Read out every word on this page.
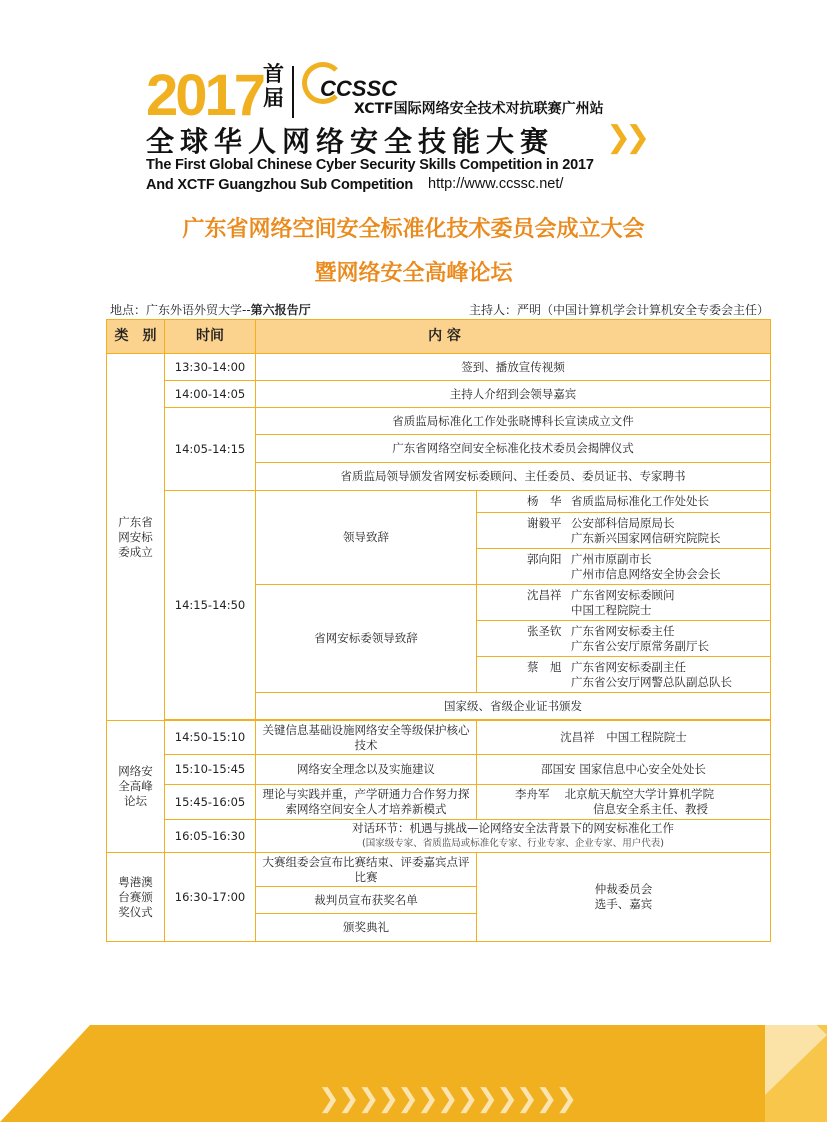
2017 首届 CCSSC
XCTF国际网络安全技术对抗联赛广州站
全球华人网络安全技能大赛 ❯❯
The First Global Chinese Cyber Security Skills Competition in 2017
And XCTF Guangzhou Sub Competition http://www.ccssc.net/
广东省网络空间安全标准化技术委员会成立大会
暨网络安全高峰论坛
地点：广东外语外贸大学--第六报告厅	主持人：严明（中国计算机学会计算机安全专委会主任）
类　别	时间	内 容	
广东省网安标委成立	13:30-14:00	签到、播放宣传视频	
	14:00-14:05	主持人介绍到会领导嘉宾	
	14:05-14:15	省质监局标准化工作处张晓博科长宣读成立文件	
		广东省网络空间安全标准化技术委员会揭牌仪式	
		省质监局领导颁发省网安标委顾问、主任委员、委员证书、专家聘书	
	14:15-14:50	领导致辞	杨　华 省质监局标准化工作处处长
			谢毅平 公安部科信局原局长
广东新兴国家网信研究院院长

			郭向阳 广州市原副市长
广州市信息网络安全协会会长

		省网安标委领导致辞	沈昌祥 广东省网安标委顾问
中国工程院院士

			张圣钦 广东省网安标委主任
广东省公安厅原常务副厅长

			蔡　旭 广东省网安标委副主任
广东省公安厅网警总队副总队长

		国家级、省级企业证书颁发	

网络安全高峰论坛	14:50-15:10	关键信息基础设施网络安全等级保护核心技术	沈昌祥　中国工程院院士
	15:10-15:45	网络安全理念以及实施建议	邵国安 国家信息中心安全处处长
	15:45-16:05	理论与实践并重，产学研通力合作努力探索网络空间安全人才培养新模式	李舟军　 北京航天航空大学计算机学院
信息安全系主任、教授

	16:05-16:30	对话环节：机遇与挑战—论网络安全法背景下的网安标准化工作
(国家级专家、省质监局或标准化专家、行业专家、企业专家、用户代表)	

粤港澳台赛颁奖仪式	16:30-17:00	大赛组委会宣布比赛结束、评委嘉宾点评比赛	仲裁委员会
选手、嘉宾
		裁判员宣布获奖名单	
		颁奖典礼	
❯❯❯❯❯❯❯❯❯❯❯❯❯
